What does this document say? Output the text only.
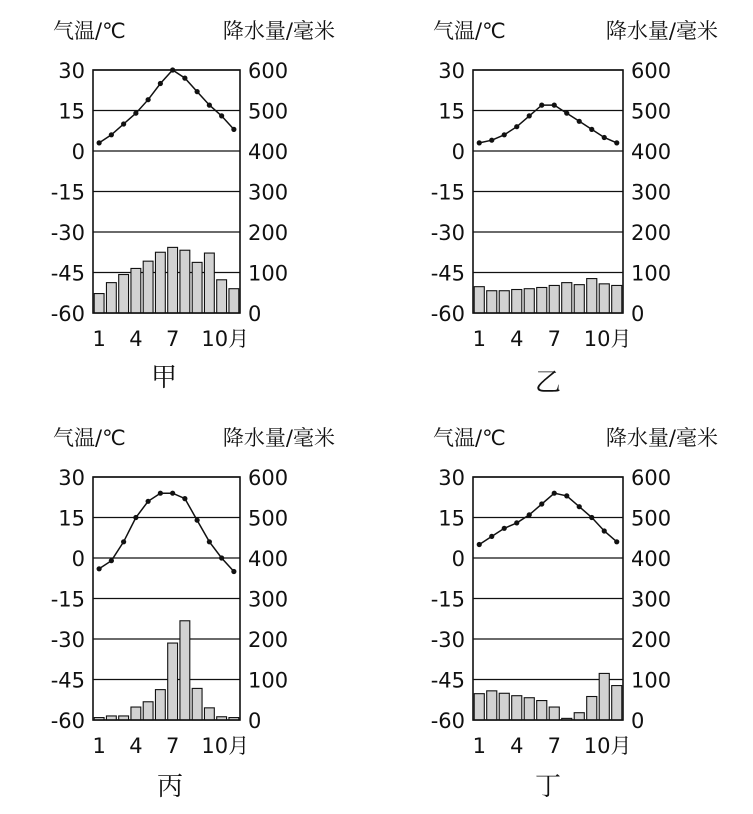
气温/℃	降水量/毫米
30
15
0
-15
-30
-45
-60
600
500
400
300
200
100
0
1 4 7 10月
甲
气温/℃	降水量/毫米
30
15
0
-15
-30
-45
-60
600
500
400
300
200
100
0
1 4 7 10月
乙
气温/℃	降水量/毫米
30
15
0
-15
-30
-45
-60
600
500
400
300
200
100
0
1 4 7 10月
丙
气温/℃	降水量/毫米
30
15
0
-15
-30
-45
-60
600
500
400
300
200
100
0
1 4 7 10月
丁
